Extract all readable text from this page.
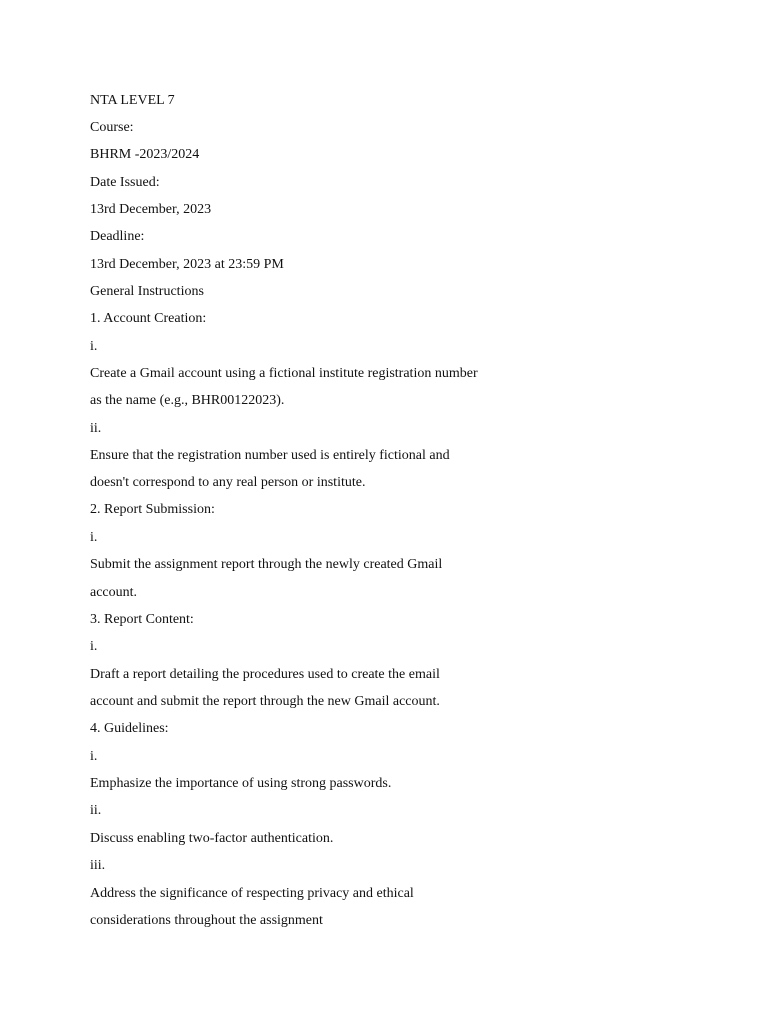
NTA LEVEL 7
Course:
BHRM -2023/2024
Date Issued:
13rd December, 2023
Deadline:
13rd December, 2023 at 23:59 PM
General Instructions
1. Account Creation:
i.
Create a Gmail account using a fictional institute registration number
as the name (e.g., BHR00122023).
ii.
Ensure that the registration number used is entirely fictional and
doesn't correspond to any real person or institute.
2. Report Submission:
i.
Submit the assignment report through the newly created Gmail
account.
3. Report Content:
i.
Draft a report detailing the procedures used to create the email
account and submit the report through the new Gmail account.
4. Guidelines:
i.
Emphasize the importance of using strong passwords.
ii.
Discuss enabling two-factor authentication.
iii.
Address the significance of respecting privacy and ethical
considerations throughout the assignment
